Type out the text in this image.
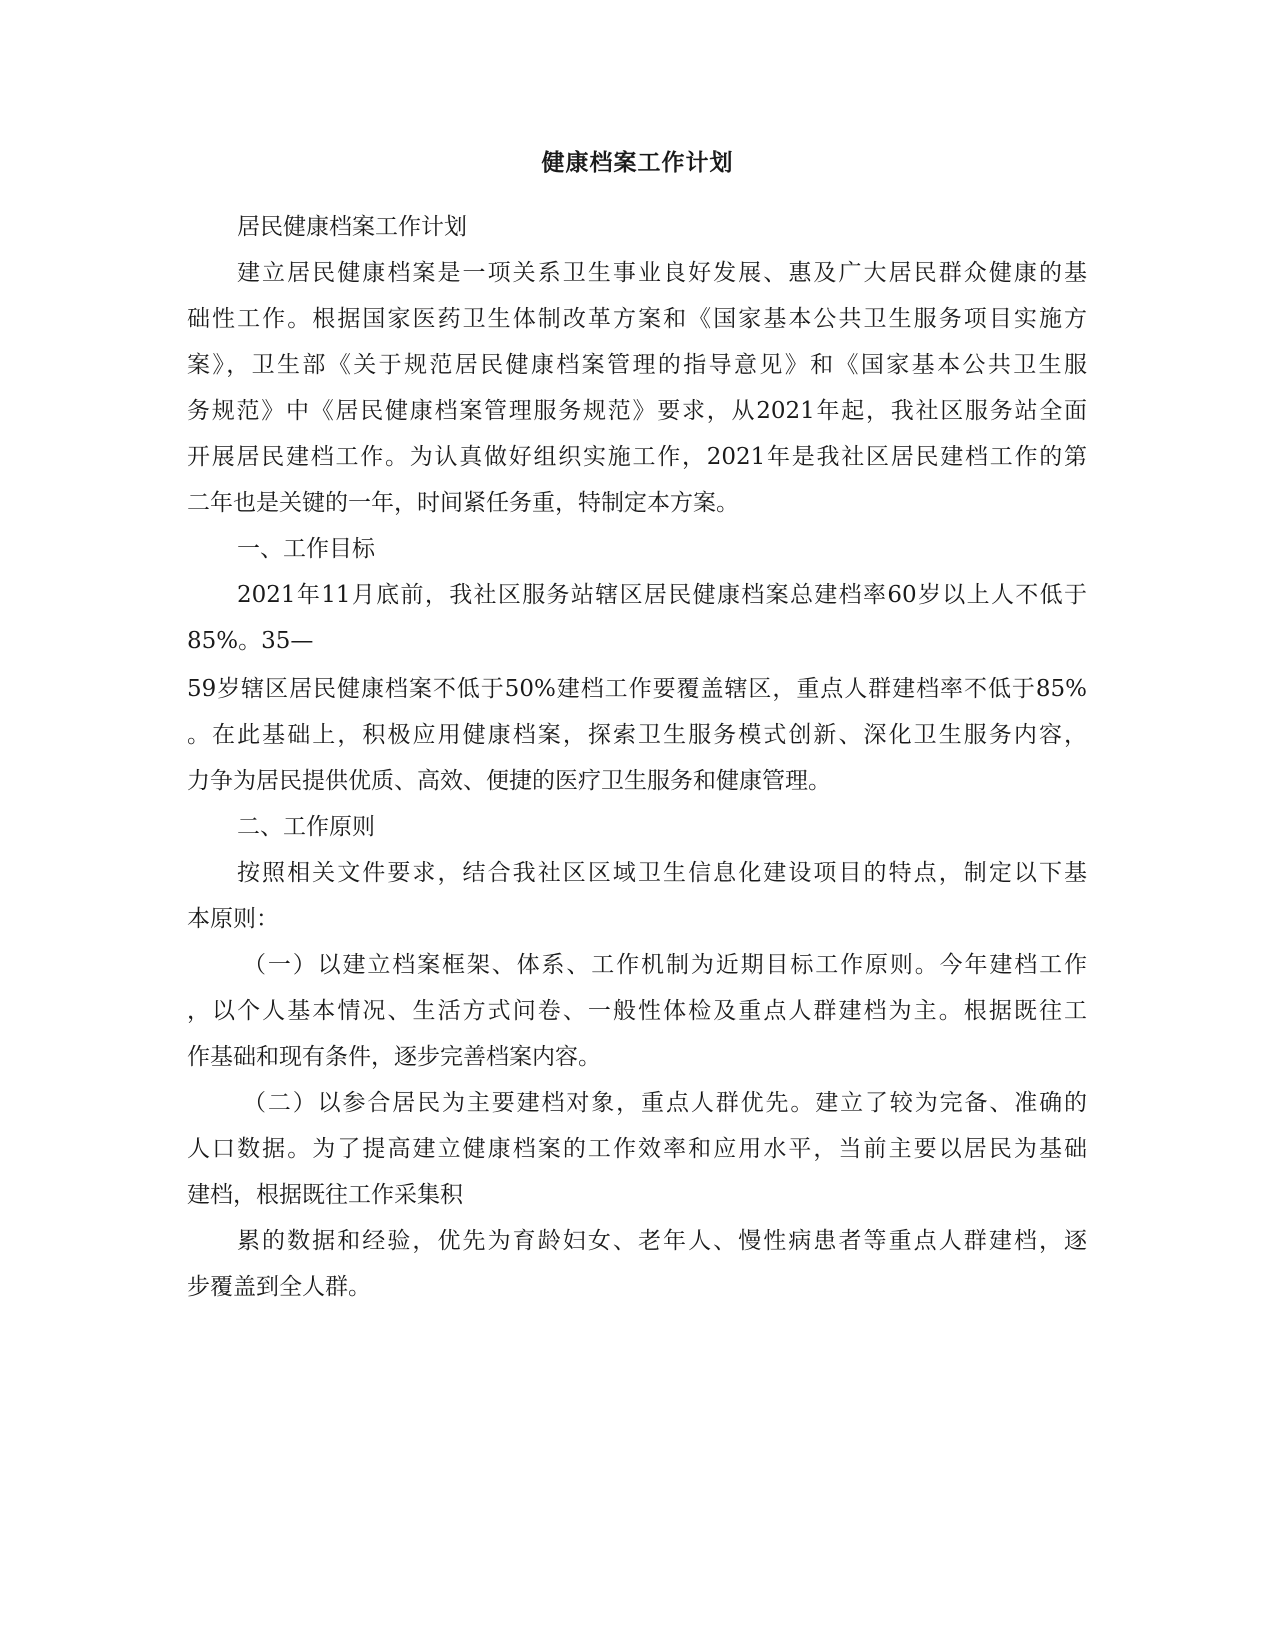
健康档案工作计划
居民健康档案工作计划
建立居民健康档案是一项关系卫生事业良好发展、惠及广大居民群众健康的基
础性工作。根据国家医药卫生体制改革方案和《国家基本公共卫生服务项目实施方
案》，卫生部《关于规范居民健康档案管理的指导意见》和《国家基本公共卫生服
务规范》中《居民健康档案管理服务规范》要求，从2021年起，我社区服务站全面
开展居民建档工作。为认真做好组织实施工作，2021年是我社区居民建档工作的第
二年也是关键的一年，时间紧任务重，特制定本方案。
一、工作目标
2021年11月底前，我社区服务站辖区居民健康档案总建档率60岁以上人不低于
85%。35—
59岁辖区居民健康档案不低于50%建档工作要覆盖辖区，重点人群建档率不低于85%
。在此基础上，积极应用健康档案，探索卫生服务模式创新、深化卫生服务内容，
力争为居民提供优质、高效、便捷的医疗卫生服务和健康管理。
二、工作原则
按照相关文件要求，结合我社区区域卫生信息化建设项目的特点，制定以下基
本原则：
（一）以建立档案框架、体系、工作机制为近期目标工作原则。今年建档工作
，以个人基本情况、生活方式问卷、一般性体检及重点人群建档为主。根据既往工
作基础和现有条件，逐步完善档案内容。
（二）以参合居民为主要建档对象，重点人群优先。建立了较为完备、准确的
人口数据。为了提高建立健康档案的工作效率和应用水平，当前主要以居民为基础
建档，根据既往工作采集积
累的数据和经验，优先为育龄妇女、老年人、慢性病患者等重点人群建档，逐
步覆盖到全人群。
